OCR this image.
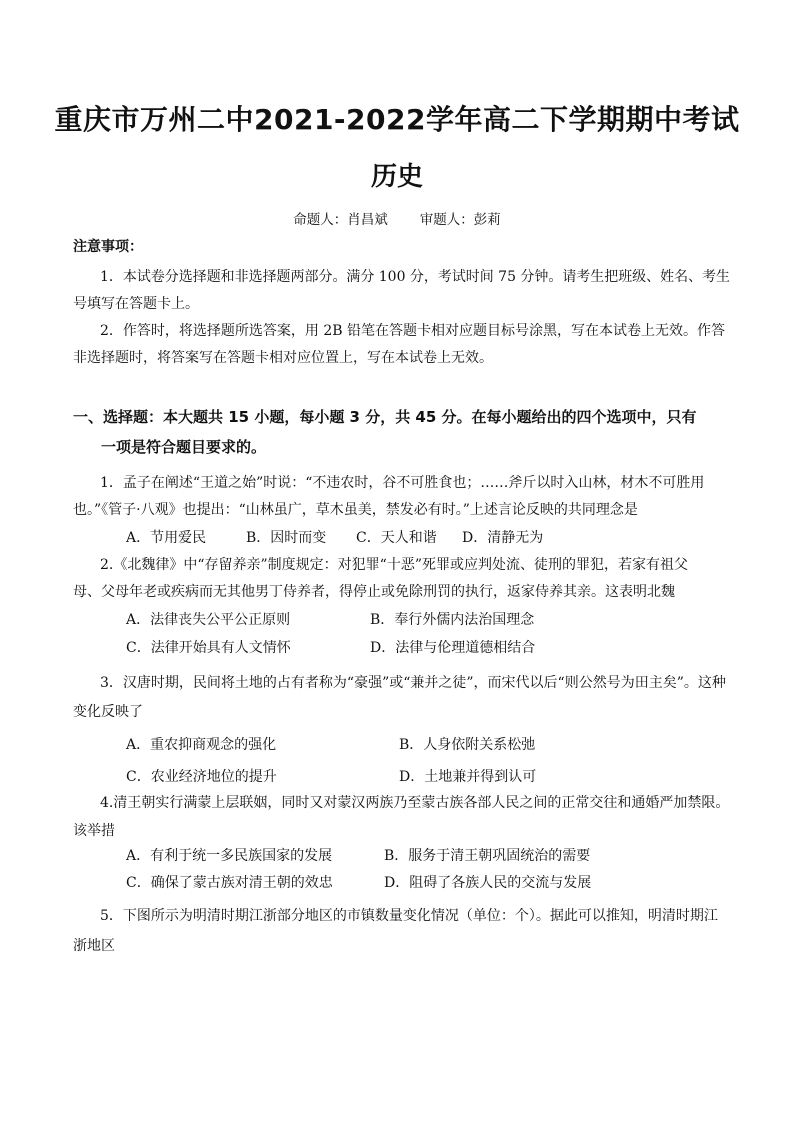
重庆市万州二中2021-2022学年高二下学期期中考试
历史
命题人：肖昌斌 审题人：彭莉
注意事项：
1．本试卷分选择题和非选择题两部分。满分 100 分，考试时间 75 分钟。请考生把班级、姓名、考生
号填写在答题卡上。
2．作答时，将选择题所选答案，用 2B 铅笔在答题卡相对应题目标号涂黑，写在本试卷上无效。作答
非选择题时，将答案写在答题卡相对应位置上，写在本试卷上无效。
一、选择题：本大题共 15 小题，每小题 3 分，共 45 分。在每小题给出的四个选项中，只有
一项是符合题目要求的。
1．孟子在阐述“王道之始”时说：“不违农时，谷不可胜食也；……斧斤以时入山林，材木不可胜用
也。”《管子·八观》也提出：“山林虽广，草木虽美，禁发必有时。”上述言论反映的共同理念是
A．节用爱民	B．因时而变 C．天人和谐 D．清静无为
2.《北魏律》中“存留养亲”制度规定：对犯罪“十恶”死罪或应判处流、徒刑的罪犯，若家有祖父
母、父母年老或疾病而无其他男丁侍养者，得停止或免除刑罚的执行，返家侍养其亲。这表明北魏
A．法律丧失公平公正原则	B．奉行外儒内法治国理念
C．法律开始具有人文情怀	D．法律与伦理道德相结合
3．汉唐时期，民间将土地的占有者称为“豪强”或“兼并之徒”，而宋代以后“则公然号为田主矣”。这种
变化反映了
A．重农抑商观念的强化	B．人身依附关系松弛
C．农业经济地位的提升	D．土地兼并得到认可
4.清王朝实行满蒙上层联姻，同时又对蒙汉两族乃至蒙古族各部人民之间的正常交往和通婚严加禁限。
该举措
A．有利于统一多民族国家的发展	B．服务于清王朝巩固统治的需要
C．确保了蒙古族对清王朝的效忠	D．阻碍了各族人民的交流与发展
5．下图所示为明清时期江浙部分地区的市镇数量变化情况（单位：个）。据此可以推知，明清时期江
浙地区
